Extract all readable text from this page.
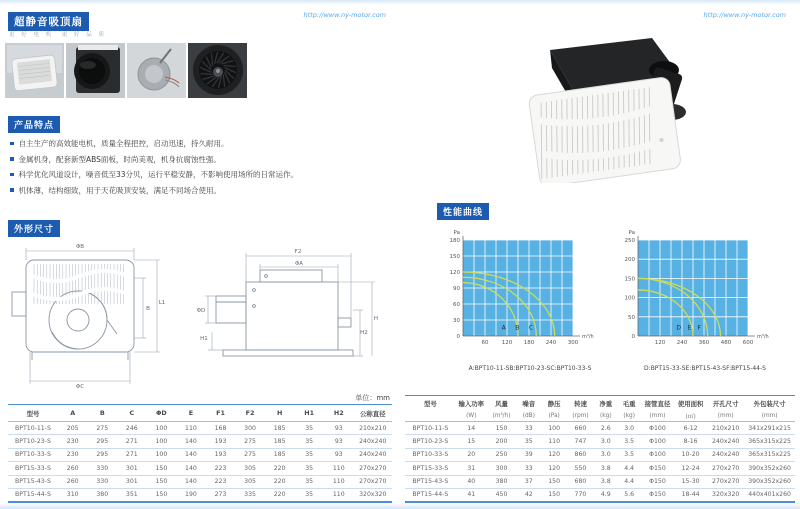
超静音吸顶扇
更 好 电 机　更 好 品 质
http://www.ny-motor.com
产品特点
自主生产的高效能电机，质量全程把控，启动迅速，持久耐用。
金属机身，配套新型ABS面板，时尚美观，机身抗腐蚀性强。
科学优化风道设计，噪音低至33分贝，运行平稳安静，不影响使用场所的日常运作。
机体薄，结构细致，用于天花吸顶安装，满足不同场合使用。
外形尺寸
ΦB
B
L1
ΦC
F2
ΦA
ΦD
H1
H2
H
单位：mm
型号	A	B	C	ΦD	E	F1	F2	H	H1	H2	公称直径
BPT10-11-S	205	275	246	100	110	168	300	185	35	93	210x210
BPT10-23-S	230	295	271	100	140	193	275	185	35	93	240x240
BPT10-33-S	230	295	271	100	140	193	275	185	35	93	240x240
BPT15-33-S	260	330	301	150	140	223	305	220	35	110	270x270
BPT15-43-S	260	330	301	150	140	223	305	220	35	110	270x270
BPT15-44-S	310	380	351	150	190	273	335	220	35	110	320x320
http://www.ny-motor.com
性能曲线
0
30
60
90
120
150
180
60 120 180 240 300
Pa
m³/h
A B C
0
50
100
150
200
250
120 240 360 480 600
Pa
m³/h
D E F
A:BPT10-11-SB:BPT10-23-SC:BPT10-33-S	D:BPT15-33-SE:BPT15-43-SF:BPT15-44-S
型号	输入功率	风量	噪音	静压	转速	净重	毛重	接管直径	使用面积	开孔尺寸	外包装尺寸
	(W)	(m³/h)	(dB)	(Pa)	(rpm)	(kg)	(kg)	(mm)	(㎡)	(mm)	(mm)
BPT10-11-S	14	150	33	100	660	2.6	3.0	Φ100	6-12	210x210	341x291x215
BPT10-23-S	15	200	35	110	747	3.0	3.5	Φ100	8-16	240x240	365x315x225
BPT10-33-S	20	250	39	120	860	3.0	3.5	Φ100	10-20	240x240	365x315x225
BPT15-33-S	31	300	33	120	550	3.8	4.4	Φ150	12-24	270x270	390x352x260
BPT15-43-S	40	380	37	150	680	3.8	4.4	Φ150	15-30	270x270	390x352x260
BPT15-44-S	41	450	42	150	770	4.9	5.6	Φ150	18-44	320x320	440x401x260
